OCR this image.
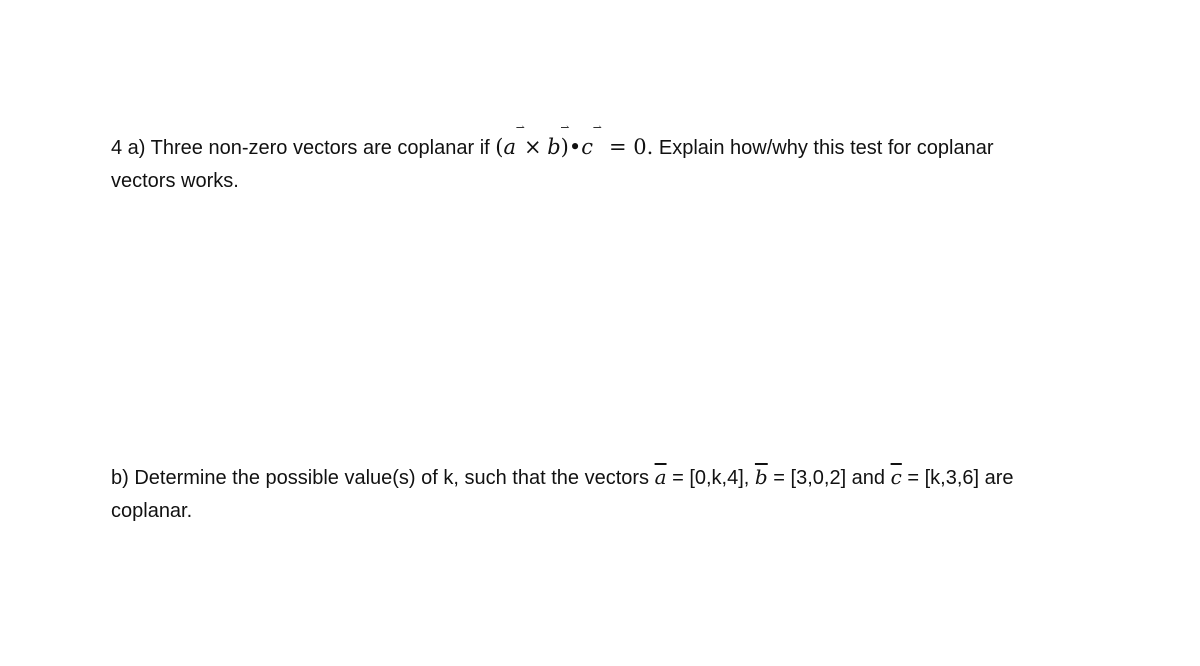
4 a) Three non-zero vectors are coplanar if (a
⇀
× b
⇀
)•c
⇀
= 0. Explain how/why this test for coplanar

vectors works.

b) Determine the possible value(s) of k, such that the vectors $\overline{a} = [0,k,4]$, $\overline{b} = [3,0,2]$ and $\overline{c} = [k,3,6]$ are

coplanar.
